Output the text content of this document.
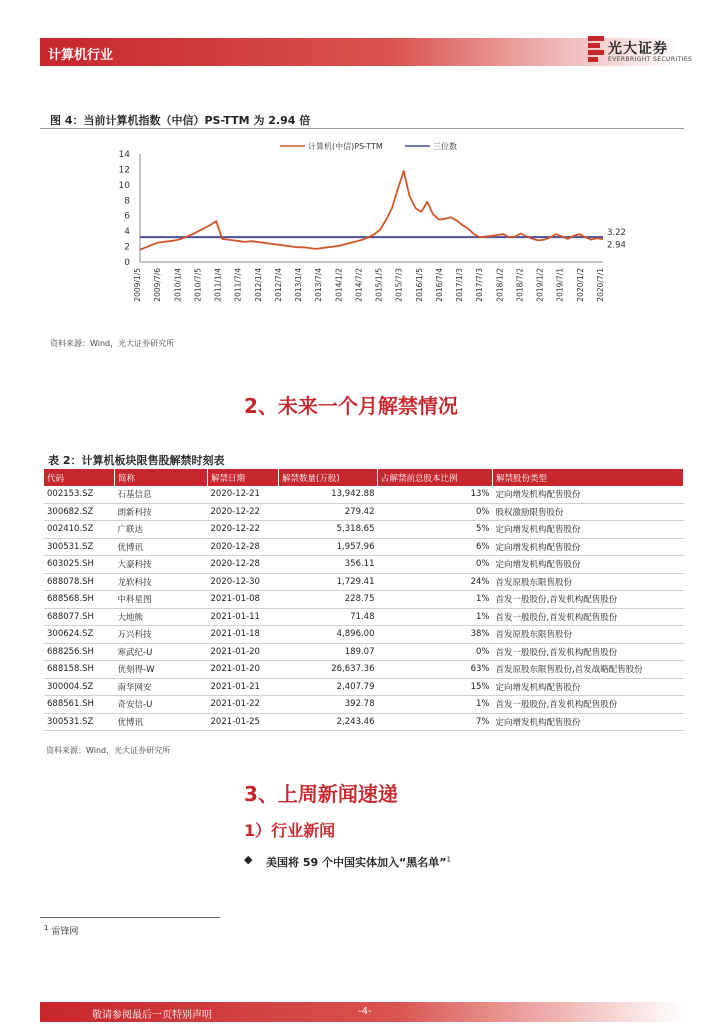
计算机行业	光大证券
EVERBRIGHT SECURITIES
图 4：当前计算机指数（中信）PS-TTM 为 2.94 倍
14
12
10
8
6
4
2
0
计算机(中信)PS-TTM	三位数
3.22
2.94
2009/1/5 2009/7/6 2010/1/4 2010/7/5 2011/1/4 2011/7/4 2012/1/4 2012/7/4 2013/1/4 2013/7/4 2014/1/2 2014/7/2 2015/1/5 2015/7/3 2016/1/5 2016/7/4 2017/1/3 2017/7/3 2018/1/2 2018/7/2 2019/1/2 2019/7/1 2020/1/2 2020/7/1
资料来源：Wind，光大证券研究所
2、未来一个月解禁情况
表 2：计算机板块限售股解禁时刻表
代码	简称	解禁日期	解禁数量(万股)	占解禁前总股本比例	解禁股份类型
002153.SZ	石基信息	2020-12-21	13,942.88	13%	定向增发机构配售股份
300682.SZ	朗新科技	2020-12-22	279.42	0%	股权激励限售股份
002410.SZ	广联达	2020-12-22	5,318.65	5%	定向增发机构配售股份
300531.SZ	优博讯	2020-12-28	1,957.96	6%	定向增发机构配售股份
603025.SH	大豪科技	2020-12-28	356.11	0%	定向增发机构配售股份
688078.SH	龙软科技	2020-12-30	1,729.41	24%	首发原股东限售股份
688568.SH	中科星图	2021-01-08	228.75	1%	首发一般股份,首发机构配售股份
688077.SH	大地熊	2021-01-11	71.48	1%	首发一般股份,首发机构配售股份
300624.SZ	万兴科技	2021-01-18	4,896.00	38%	首发原股东限售股份
688256.SH	寒武纪-U	2021-01-20	189.07	0%	首发一般股份,首发机构配售股份
688158.SH	优刻得-W	2021-01-20	26,637.36	63%	首发原股东限售股份,首发战略配售股份
300004.SZ	南华网安	2021-01-21	2,407.79	15%	定向增发机构配售股份
688561.SH	奇安信-U	2021-01-22	392.78	1%	首发一般股份,首发机构配售股份
300531.SZ	优博讯	2021-01-25	2,243.46	7%	定向增发机构配售股份
资料来源：Wind，光大证券研究所
3、上周新闻速递
1）行业新闻
◆ 美国将 59 个中国实体加入“黑名单”$^1$
$^1$ 雷锋网
敬请参阅最后一页特别声明	-4-
